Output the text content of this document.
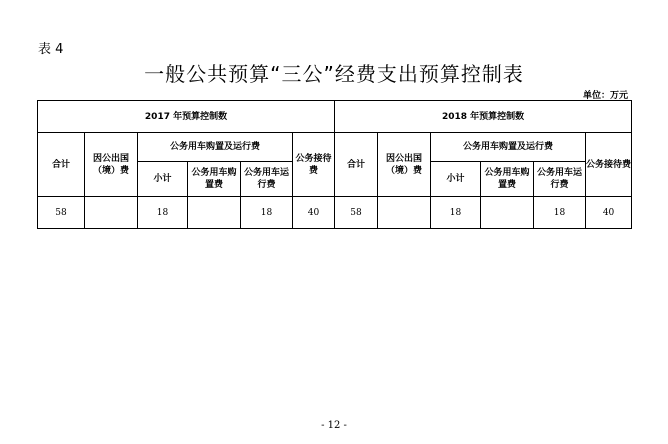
表 4
一般公共预算“三公”经费支出预算控制表
单位：万元
2017 年预算控制数						2018 年预算控制数					
合计	因公出国（境）费	公务用车购置及运行费			公务接待费	合计	因公出国（境）费	公务用车购置及运行费			公务接待费
		小计	公务用车购置费	公务用车运行费				小计	公务用车购置费	公务用车运行费	
58		18		18	40	58		18		18	40
- 12 -
